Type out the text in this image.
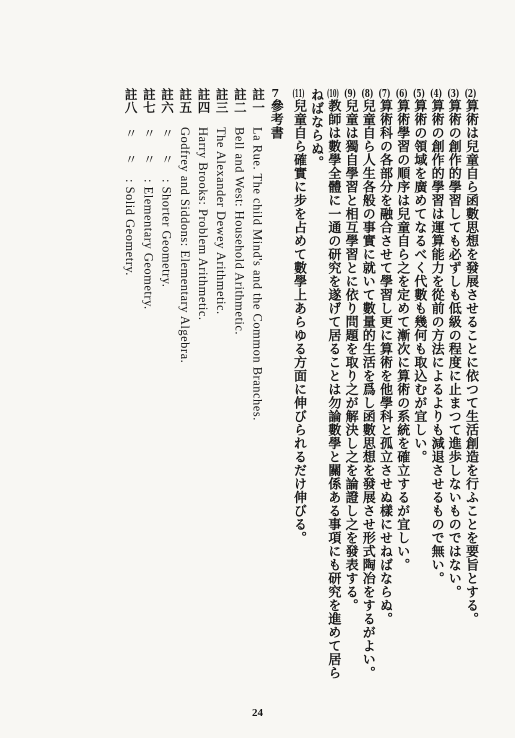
(2)算術は兒童自ら函數思想を發展させることに依つて生活創造を行ふことを要旨とする。
(3)算術の創作的學習しても必ずしも低級の程度に止まつて進歩しないものではない。
(4)算術の創作的學習は運算能力を從前の方法によるよりも減退させるもので無い。
(5)算術の領域を廣めてなるべく代數も幾何も取込むが宜しい。
(6)算術學習の順序は兒童自ら之を定めて漸次に算術の系統を確立するが宜しい。
(7)算術科の各部分を融合させて學習し更に算術を他學科と孤立させぬ樣にせねばならぬ。
(8)兒童自ら人生各般の事實に就いて數量的生活を爲し函數思想を發展させ形式陶冶をするがよい。
(9)兒童は獨自學習と相互學習とに依り問題を取り之が解決し之を論證し之を發表する。
(10)教師は數學全體に一通の研究を遂げて居ることは勿論數學と關係ある事項にも研究を進めて居らねばならぬ。
(11)兒童自ら確實に步を占めて數學上あらゆる方面に伸びられるだけ伸びる。
7參考書
註一　La Rue. The child Mind's and the Common Branches.
註二　Bell and West: Household Arithmetic.
註三　The Alexander Dewey Arithmetic.
註四　Harry Brooks: Problem Arithmetic.
註五　Godfrey and Siddons: Elementary Algebra.
註六　〃　〃　: Shorter Geometry.
註七　〃　〃　: Elementary Geometry.
註八　〃　〃　: Solid Geometry.
24
